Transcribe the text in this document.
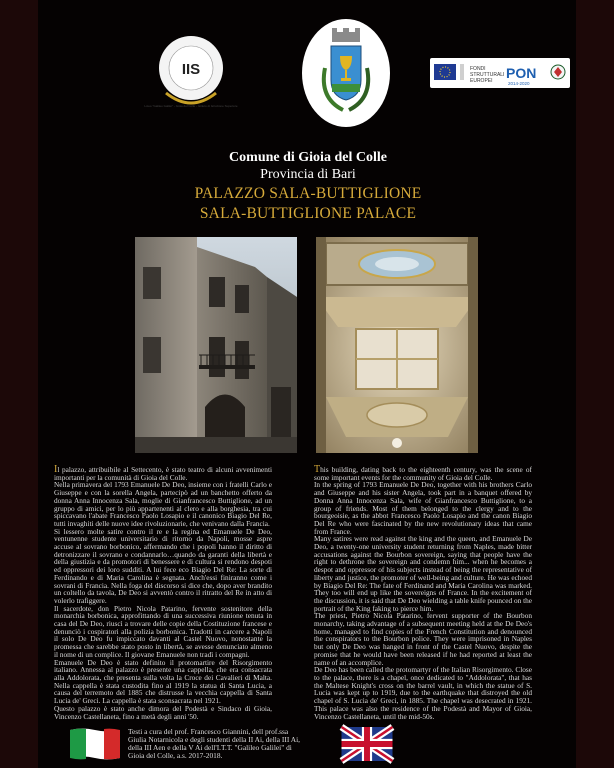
IIS
Liceo "Galileo Galilei" - Gioia del Colle - Istituto di Istruzione Superiore
FONDI
STRUTTURALI
EUROPEI PON
2014-2020
Comune di Gioia del Colle
Provincia di Bari
PALAZZO SALA-BUTTIGLIONE
SALA-BUTTIGLIONE PALACE

Il palazzo, attribuibile al Settecento, è stato teatro di alcuni avvenimenti importanti per la comunità di Gioia del Colle.

Nella primavera del 1793 Emanuele De Deo, insieme con i fratelli Carlo e Giuseppe e con la sorella Angela, partecipò ad un banchetto offerto da donna Anna Innocenza Sala, moglie di Gianfrancesco Buttiglione, ad un gruppo di amici, per lo più appartenenti al clero e alla borghesia, tra cui spiccavano l'abate Francesco Paolo Losapio e il canonico Biagio Del Re, tutti invaghiti delle nuove idee rivoluzionarie, che venivano dalla Francia.

Si lessero molte satire contro il re e la regina ed Emanuele De Deo, ventunenne studente universitario di ritorno da Napoli, mosse aspre accuse al sovrano borbonico, affermando che i popoli hanno il diritto di detronizzare il sovrano e condannarlo…quando da garanti della libertà e della giustizia e da promotori di benessere e di cultura si rendono despoti ed oppressori dei loro sudditi. A lui fece eco Biagio Del Re: La sorte di Ferdinando e di Maria Carolina è segnata. Anch'essi finiranno come i sovrani di Francia. Nella foga del discorso si dice che, dopo aver brandito un coltello da tavola, De Deo si avventò contro il ritratto del Re in atto di volerlo trafiggere.

Il sacerdote, don Pietro Nicola Patarino, fervente sostenitore della monarchia borbonica, approfittando di una successiva riunione tenuta in casa del De Deo, riuscì a trovare delle copie della Costituzione francese e denunciò i cospiratori alla polizia borbonica. Tradotti in carcere a Napoli il solo De Deo fu impiccato davanti al Castel Nuovo, nonostante la promessa che sarebbe stato posto in libertà, se avesse denunciato almeno il nome di un complice. Il giovane Emanuele non tradì i compagni.

Emanuele De Deo è stato definito il protomartire del Risorgimento italiano. Annessa al palazzo è presente una cappella, che era consacrata alla Addolorata, che presenta sulla volta la Croce dei Cavalieri di Malta. Nella cappella è stata custodita fino al 1919 la statua di Santa Lucia, a causa del terremoto del 1885 che distrusse la vecchia cappella di Santa Lucia de' Greci. La cappella è stata sconsacrata nel 1921.

Questo palazzo è stato anche dimora del Podestà e Sindaco di Gioia, Vincenzo Castellaneta, fino a metà degli anni '50.

This building, dating back to the eighteenth century, was the scene of some important events for the community of Gioia del Colle.

In the spring of 1793 Emanuele De Deo, together with his brothers Carlo and Giuseppe and his sister Angela, took part in a banquet offered by Donna Anna Innocenza Sala, wife of Gianfrancesco Buttiglione, to a group of friends. Most of them belonged to the clergy and to the bourgeoisie, as the abbot Francesco Paolo Losapio and the canon Biagio Del Re who were fascinated by the new revolutionary ideas that came from France.

Many satires were read against the king and the queen, and Emanuele De Deo, a twenty-one university student returning from Naples, made bitter accusations against the Bourbon sovereign, saying that people have the right to dethrone the sovereign and condemn him... when he becomes a despot and oppressor of his subjects instead of being the representative of liberty and justice, the promoter of well-being and culture. He was echoed by Biagio Del Re: The fate of Ferdinand and Maria Carolina was marked. They too will end up like the sovereigns of France. In the excitement of the discussion, it is said that De Deo wielding a table knife pounced on the portrait of the King faking to pierce him.

The priest, Pietro Nicola Patarino, fervent supporter of the Bourbon monarchy, taking advantage of a subsequent meeting held at the De Deo's home, managed to find copies of the French Constitution and denounced the conspirators to the Bourbon police. They were imprisoned in Naples but only De Deo was hanged in front of the Castel Nuovo, despite the promise that he would have been released if he had reported at least the name of an accomplice.

De Deo has been called the protomartyr of the Italian Risorgimento. Close to the palace, there is a chapel, once dedicated to "Addolorata", that has the Maltese Knight's cross on the barrel vault, in which the statue of S. Lucia was kept up to 1919, due to the earthquake that distroyed the old chapel of S. Lucia de' Greci, in 1885. The chapel was desecrated in 1921. This palace was also the residence of the Podestà and Mayor of Gioia, Vincenzo Castellaneta, until the mid-50s.

Testi a cura del prof. Francesco Giannini, dell prof.ssa Giulia Notarnicola e degli studenti della II Ai, della III Ai, della III Aen e della V Ai dell'I.T.T. "Galileo Galilei" di Gioia del Colle, a.s. 2017-2018.
